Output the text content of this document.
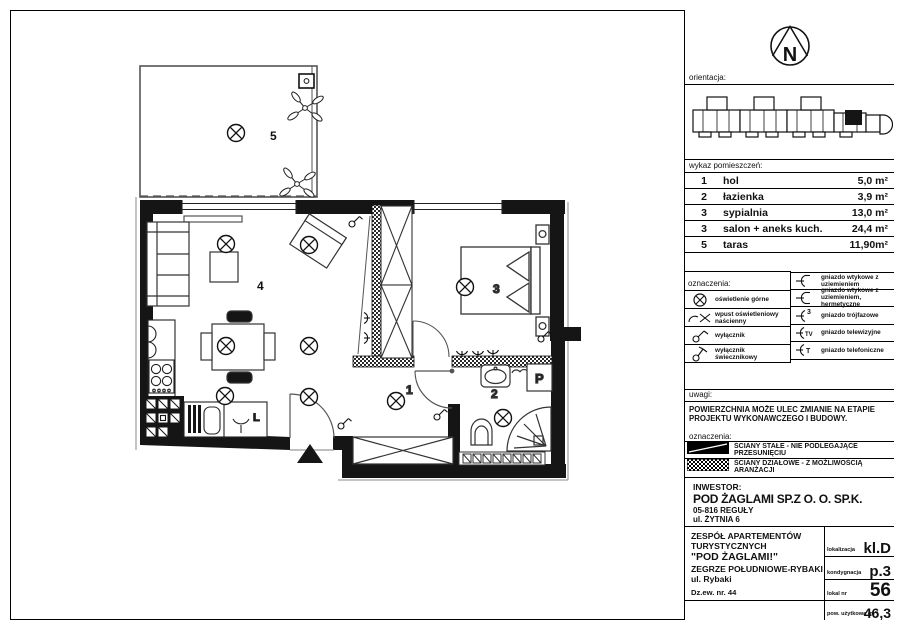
5
L
3
1	2
P
4
N
orientacja:
wykaz pomieszczeń:
1	hol	5,0 m²
2	łazienka	3,9 m²
3	sypialnia	13,0 m²
3	salon + aneks kuch.	24,4 m²
5	taras	11,90m²
oznaczenia:
oświetlenie górne
wpust oświetleniowy naścienny
wyłącznik
wyłącznik świecznikowy
gniazdo wtykowe z uziemieniem
gniazdo wtykowe z uziemieniem, hermetyczne
3 gniazdo trójfazowe
TV gniazdo telewizyjne
T gniazdo telefoniczne
uwagi:
POWIERZCHNIA MOŻE ULEC ZMIANIE NA ETAPIE PROJEKTU WYKONAWCZEGO I BUDOWY.
oznaczenia:
ŚCIANY STAŁE - NIE PODLEGAJĄCE PRZESUNIĘCIU
ŚCIANY DZIAŁOWE - Z MOŻLIWOŚCIĄ ARANŻACJI
INWESTOR:
POD ŻAGLAMI SP.Z O. O. SP.K.
05-816 REGUŁY
ul. ŻYTNIA 6
ZESPÓŁ APARTEMENTÓW
TURYSTYCZNYCH
"POD ŻAGLAMI!"
ZEGRZE POŁUDNIOWE-RYBAKI
ul. Rybaki
Dz.ew. nr. 44
lokalizacja kl.D
kondygnacja p.3
lokal nr 56
pow. użytkowa (m²)
46,3
